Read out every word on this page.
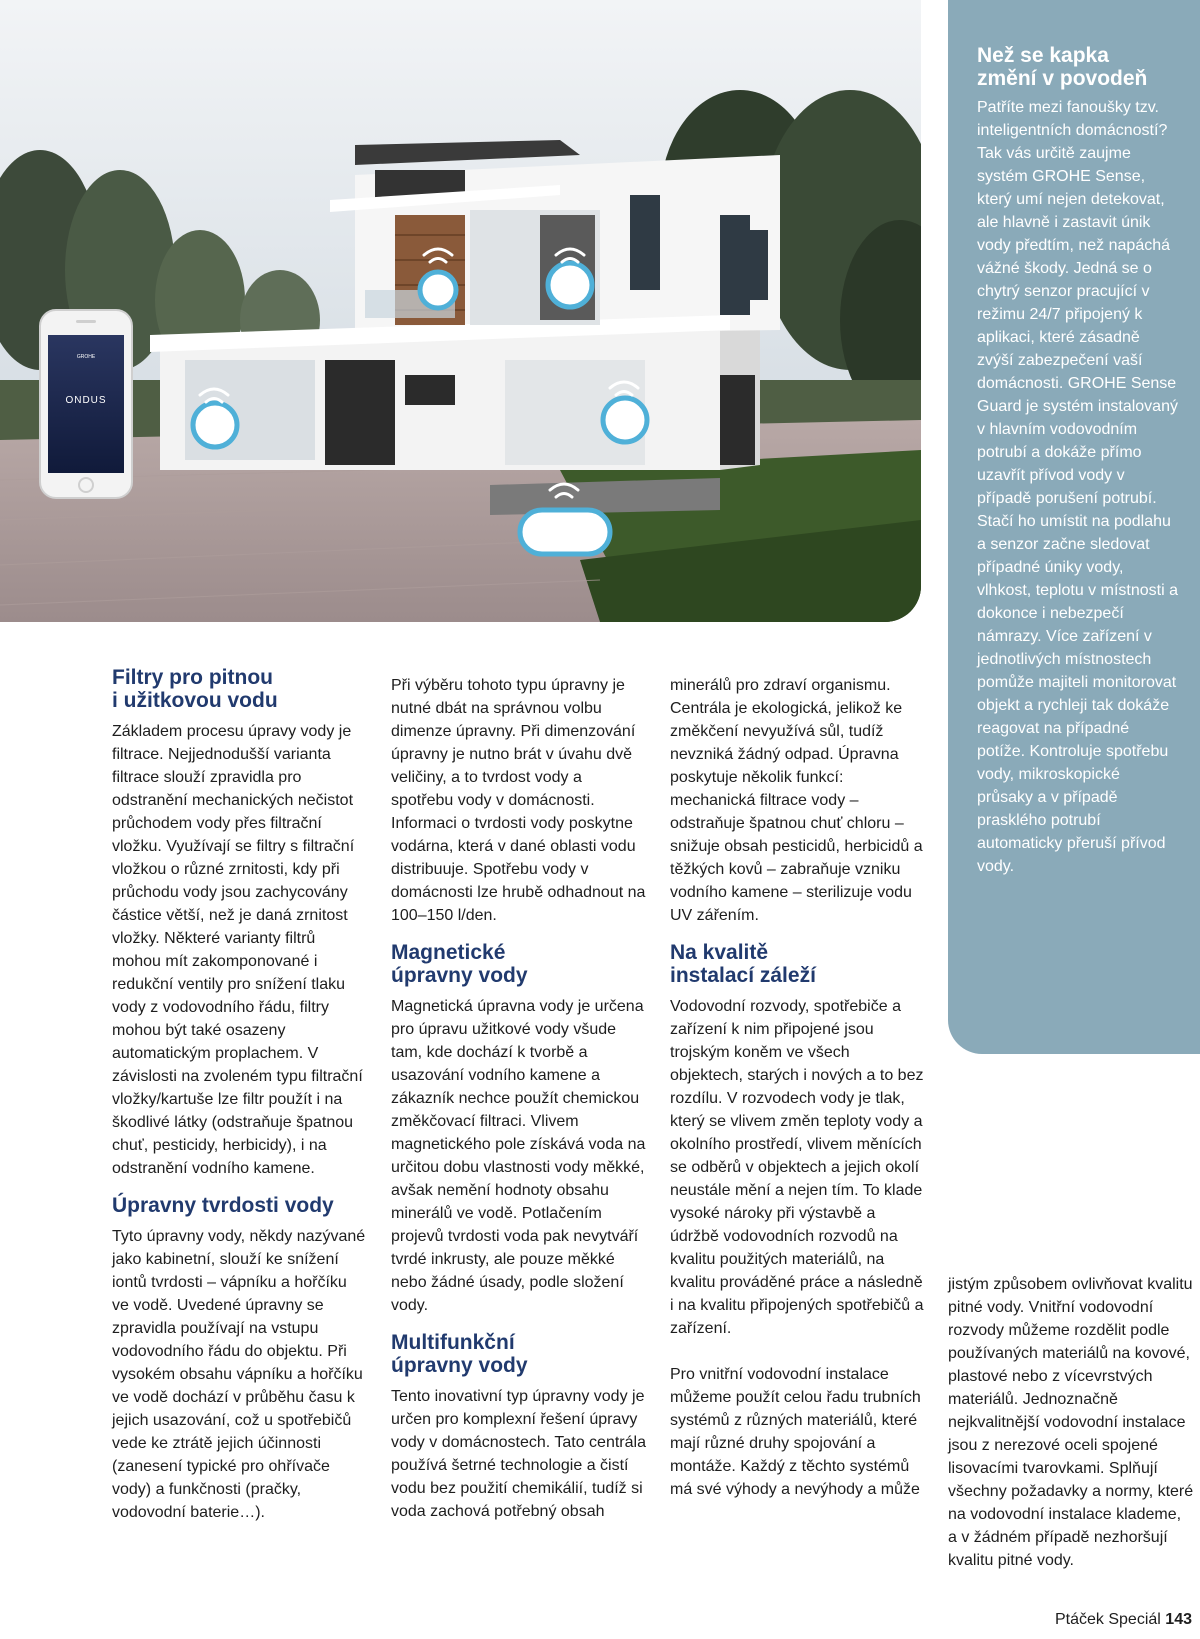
GROHE
ONDUS
Než se kapka
změní v povodeň

Patříte mezi fanoušky tzv. inteligentních domácností? Tak vás určitě zaujme systém GROHE Sense, který umí nejen detekovat, ale hlavně i zastavit únik vody předtím, než napáchá vážné škody. Jedná se o chytrý senzor pracující v režimu 24/7 připojený k aplikaci, které zásadně zvýší zabezpečení vaší domácnosti. GROHE Sense Guard je systém instalovaný v hlavním vodovodním potrubí a dokáže přímo uzavřít přívod vody v případě porušení potrubí. Stačí ho umístit na podlahu a senzor začne sledovat případné úniky vody, vlhkost, teplotu v místnosti a dokonce i nebezpečí námrazy. Více zařízení v jednotlivých místnostech pomůže majiteli monitorovat objekt a rychleji tak dokáže reagovat na případné potíže. Kontroluje spotřebu vody, mikroskopické průsaky a v případě prasklého potrubí automaticky přeruší přívod vody.

Filtry pro pitnou
i užitkovou vodu

Základem procesu úpravy vody je filtrace. Nejjednodušší varianta filtrace slouží zpravidla pro odstranění mechanických nečistot průchodem vody přes filtrační vložku. Využívají se filtry s filtrační vložkou o různé zrnitosti, kdy při průchodu vody jsou zachycovány částice větší, než je daná zrnitost vložky. Některé varianty filtrů mohou mít zakomponované i redukční ventily pro snížení tlaku vody z vodovodního řádu, filtry mohou být také osazeny automatickým proplachem. V závislosti na zvoleném typu filtrační vložky/kartuše lze filtr použít i na škodlivé látky (odstraňuje špatnou chuť, pesticidy, herbicidy), i na odstranění vodního kamene.

Úpravny tvrdosti vody

Tyto úpravny vody, někdy nazývané jako kabinetní, slouží ke snížení iontů tvrdosti – vápníku a hořčíku ve vodě. Uvedené úpravny se zpravidla používají na vstupu vodovodního řádu do objektu. Při vysokém obsahu vápníku a hořčíku ve vodě dochází v průběhu času k jejich usazování, což u spotřebičů vede ke ztrátě jejich účinnosti (zanesení typické pro ohřívače vody) a funkčnosti (pračky, vodovodní baterie…).

Při výběru tohoto typu úpravny je nutné dbát na správnou volbu dimenze úpravny. Při dimenzování úpravny je nutno brát v úvahu dvě veličiny, a to tvrdost vody a spotřebu vody v domácnosti. Informaci o tvrdosti vody poskytne vodárna, která v dané oblasti vodu distribuuje. Spotřebu vody v domácnosti lze hrubě odhadnout na 100–150 l/den.

Magnetické
úpravny vody

Magnetická úpravna vody je určena pro úpravu užitkové vody všude tam, kde dochází k tvorbě a usazování vodního kamene a zákazník nechce použít chemickou změkčovací filtraci. Vlivem magnetického pole získává voda na určitou dobu vlastnosti vody měkké, avšak nemění hodnoty obsahu minerálů ve vodě. Potlačením projevů tvrdosti voda pak nevytváří tvrdé inkrusty, ale pouze měkké nebo žádné úsady, podle složení vody.

Multifunkční
úpravny vody

Tento inovativní typ úpravny vody je určen pro komplexní řešení úpravy vody v domácnostech. Tato centrála používá šetrné technologie a čistí vodu bez použití chemikálií, tudíž si voda zachová potřebný obsah

minerálů pro zdraví organismu. Centrála je ekologická, jelikož ke změkčení nevyužívá sůl, tudíž nevzniká žádný odpad. Úpravna poskytuje několik funkcí: mechanická filtrace vody – odstraňuje špatnou chuť chloru – snižuje obsah pesticidů, herbicidů a těžkých kovů – zabraňuje vzniku vodního kamene – sterilizuje vodu UV zářením.

Na kvalitě
instalací záleží

Vodovodní rozvody, spotřebiče a zařízení k nim připojené jsou trojským koněm ve všech objektech, starých i nových a to bez rozdílu. V rozvodech vody je tlak, který se vlivem změn teploty vody a okolního prostředí, vlivem měnících se odběrů v objektech a jejich okolí neustále mění a nejen tím. To klade vysoké nároky při výstavbě a údržbě vodovodních rozvodů na kvalitu použitých materiálů, na kvalitu prováděné práce a následně i na kvalitu připojených spotřebičů a zařízení.

Pro vnitřní vodovodní instalace můžeme použít celou řadu trubních systémů z různých materiálů, které mají různé druhy spojování a montáže. Každý z těchto systémů má své výhody a nevýhody a může

jistým způsobem ovlivňovat kvalitu pitné vody. Vnitřní vodovodní rozvody můžeme rozdělit podle používaných materiálů na kovové, plastové nebo z vícevrstvých materiálů. Jednoznačně nejkvalitnější vodovodní instalace jsou z nerezové oceli spojené lisovacími tvarovkami. Splňují všechny požadavky a normy, které na vodovodní instalace klademe, a v žádném případě nezhoršují kvalitu pitné vody.

Ptáček Speciál 143
